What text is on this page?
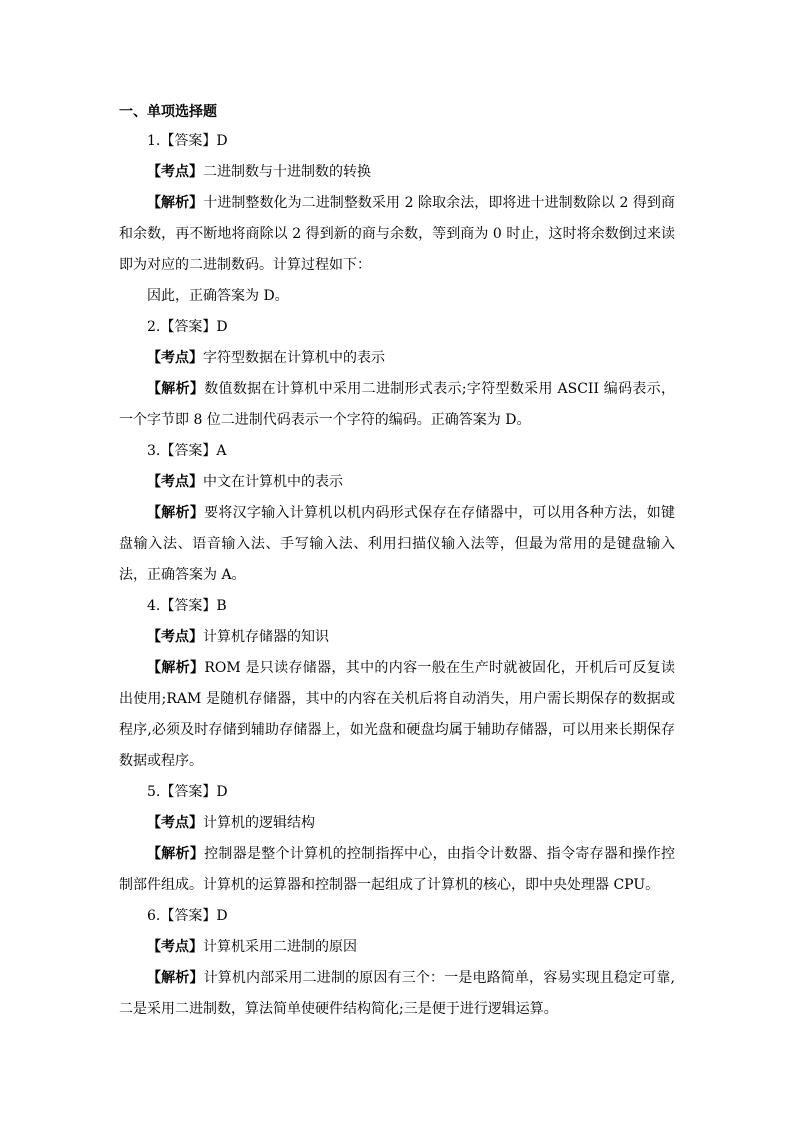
一、单项选择题
1.【答案】D
【考点】二进制数与十进制数的转换

【解析】十进制整数化为二进制整数采用 2 除取余法，即将进十进制数除以 2 得到商和余数，再不断地将商除以 2 得到新的商与余数，等到商为 0 时止，这时将余数倒过来读即为对应的二进制数码。计算过程如下：

因此，正确答案为 D。
2.【答案】D
【考点】字符型数据在计算机中的表示

【解析】数值数据在计算机中采用二进制形式表示;字符型数采用 ASCII 编码表示，一个字节即 8 位二进制代码表示一个字符的编码。正确答案为 D。

3.【答案】A
【考点】中文在计算机中的表示

【解析】要将汉字输入计算机以机内码形式保存在存储器中，可以用各种方法，如键盘输入法、语音输入法、手写输入法、利用扫描仪输入法等，但最为常用的是键盘输入法，正确答案为 A。

4.【答案】B
【考点】计算机存储器的知识

【解析】ROM 是只读存储器，其中的内容一般在生产时就被固化，开机后可反复读出使用;RAM 是随机存储器，其中的内容在关机后将自动消失，用户需长期保存的数据或程序,必须及时存储到辅助存储器上，如光盘和硬盘均属于辅助存储器，可以用来长期保存数据或程序。

5.【答案】D
【考点】计算机的逻辑结构

【解析】控制器是整个计算机的控制指挥中心，由指令计数器、指令寄存器和操作控制部件组成。计算机的运算器和控制器一起组成了计算机的核心，即中央处理器 CPU。

6.【答案】D
【考点】计算机采用二进制的原因

【解析】计算机内部采用二进制的原因有三个：一是电路简单，容易实现且稳定可靠,二是采用二进制数，算法简单使硬件结构简化;三是便于进行逻辑运算。
